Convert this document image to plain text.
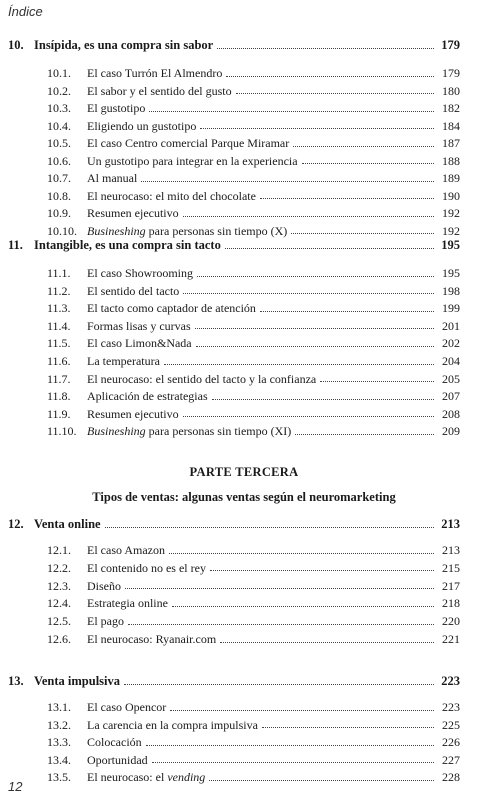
Índice
10. Insípida, es una compra sin sabor	179
10.1.	El caso Turrón El Almendro	179
10.2.	El sabor y el sentido del gusto	180
10.3.	El gustotipo	182
10.4.	Eligiendo un gustotipo	184
10.5.	El caso Centro comercial Parque Miramar	187
10.6.	Un gustotipo para integrar en la experiencia	188
10.7.	Al manual	189
10.8.	El neurocaso: el mito del chocolate	190
10.9.	Resumen ejecutivo	192
10.10. Busineshing para personas sin tiempo (X)	192
11. Intangible, es una compra sin tacto	195
11.1.	El caso Showrooming	195
11.2.	El sentido del tacto	198
11.3.	El tacto como captador de atención	199
11.4.	Formas lisas y curvas	201
11.5.	El caso Limon&Nada	202
11.6.	La temperatura	204
11.7.	El neurocaso: el sentido del tacto y la confianza	205
11.8.	Aplicación de estrategias	207
11.9.	Resumen ejecutivo	208
11.10. Busineshing para personas sin tiempo (XI)	209
12. Venta online	213
12.1.	El caso Amazon	213
12.2.	El contenido no es el rey	215
12.3.	Diseño	217
12.4.	Estrategia online	218
12.5.	El pago	220
12.6.	El neurocaso: Ryanair.com	221
13. Venta impulsiva	223
13.1.	El caso Opencor	223
13.2.	La carencia en la compra impulsiva	225
13.3.	Colocación	226
13.4.	Oportunidad	227
13.5.	El neurocaso: el vending	228
PARTE TERCERA
Tipos de ventas: algunas ventas según el neuromarketing
12
